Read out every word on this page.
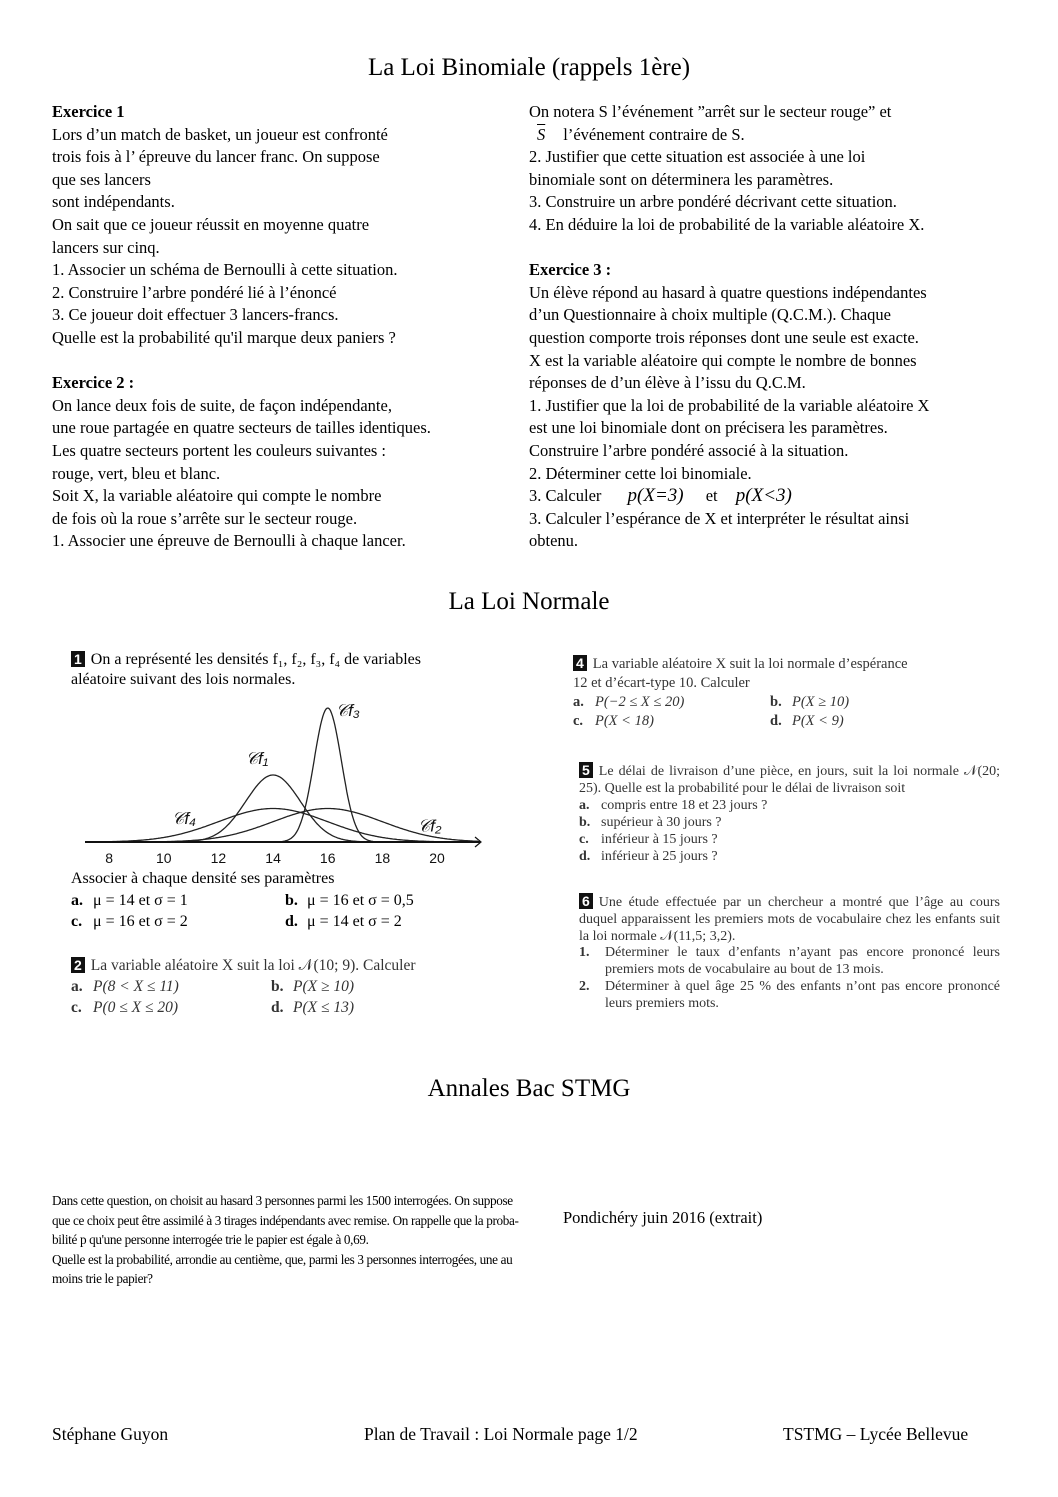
La Loi Binomiale (rappels 1ère)
Exercice 1
Lors d’un match de basket, un joueur est confronté
trois fois à l’ épreuve du lancer franc. On suppose
que ses lancers
sont indépendants.
On sait que ce joueur réussit en moyenne quatre
lancers sur cinq.
1. Associer un schéma de Bernoulli à cette situation.
2. Construire l’arbre pondéré lié à l’énoncé
3. Ce joueur doit effectuer 3 lancers-francs.
Quelle est la probabilité qu'il marque deux paniers ?
Exercice 2 :
On lance deux fois de suite, de façon indépendante,
une roue partagée en quatre secteurs de tailles identiques.
Les quatre secteurs portent les couleurs suivantes :
rouge, vert, bleu et blanc.
Soit X, la variable aléatoire qui compte le nombre
de fois où la roue s’arrête sur le secteur rouge.
1. Associer une épreuve de Bernoulli à chaque lancer.
On notera S l’événement ”arrêt sur le secteur rouge” et
$\overline{S}$ l’événement contraire de S.
2. Justifier que cette situation est associée à une loi
binomiale sont on déterminera les paramètres.
3. Construire un arbre pondéré décrivant cette situation.
4. En déduire la loi de probabilité de la variable aléatoire X.
Exercice 3 :
Un élève répond au hasard à quatre questions indépendantes
d’un Questionnaire à choix multiple (Q.C.M.). Chaque
question comporte trois réponses dont une seule est exacte.
X est la variable aléatoire qui compte le nombre de bonnes
réponses de d’un élève à l’issu du Q.C.M.
1. Justifier que la loi de probabilité de la variable aléatoire X
est une loi binomiale dont on précisera les paramètres.
Construire l’arbre pondéré associé à la situation.
2. Déterminer cette loi binomiale.
3. Calculer p(X=3) et p(X<3)
3. Calculer l’espérance de X et interpréter le résultat ainsi
obtenu.
La Loi Normale
1 On a représenté les densités f₁, f₂, f₃, f₄ de variables
aléatoire suivant des lois normales.
8	10	12	14	16	18	20
𝒞f₁
𝒞f₂
𝒞f₃
𝒞f₄
Associer à chaque densité ses paramètres
a. μ = 14 et σ = 1	b. μ = 16 et σ = 0,5
c. μ = 16 et σ = 2	d. μ = 14 et σ = 2
2 La variable aléatoire X suit la loi 𝒩(10; 9). Calculer
a. P(8 < X ≤ 11)	b. P(X ≥ 10)
c. P(0 ≤ X ≤ 20)	d. P(X ≤ 13)
4 La variable aléatoire X suit la loi normale d’espérance
12 et d’écart-type 10. Calculer
a. P(−2 ≤ X ≤ 20)	b. P(X ≥ 10)
c. P(X < 18)	d. P(X < 9)
5 Le délai de livraison d’une pièce, en jours, suit la loi normale 𝒩(20; 25). Quelle est la probabilité pour le délai de livraison soit
a. compris entre 18 et 23 jours ?
b. supérieur à 30 jours ?
c. inférieur à 15 jours ?
d. inférieur à 25 jours ?
6 Une étude effectuée par un chercheur a montré que l’âge au cours duquel apparaissent les premiers mots de vocabulaire chez les enfants suit la loi normale 𝒩(11,5; 3,2).
1.	Déterminer le taux d’enfants n’ayant pas encore prononcé leurs premiers mots de vocabulaire au bout de 13 mois.
2.	Déterminer à quel âge 25 % des enfants n’ont pas encore prononcé leurs premiers mots.
Annales Bac STMG
Dans cette question, on choisit au hasard 3 personnes parmi les 1500 interrogées. On suppose
que ce choix peut être assimilé à 3 tirages indépendants avec remise. On rappelle que la proba-
bilité p qu'une personne interrogée trie le papier est égale à 0,69.
Quelle est la probabilité, arrondie au centième, que, parmi les 3 personnes interrogées, une au
moins trie le papier?
Pondichéry juin 2016 (extrait)
Stéphane Guyon	Plan de Travail : Loi Normale page 1/2	TSTMG – Lycée Bellevue
